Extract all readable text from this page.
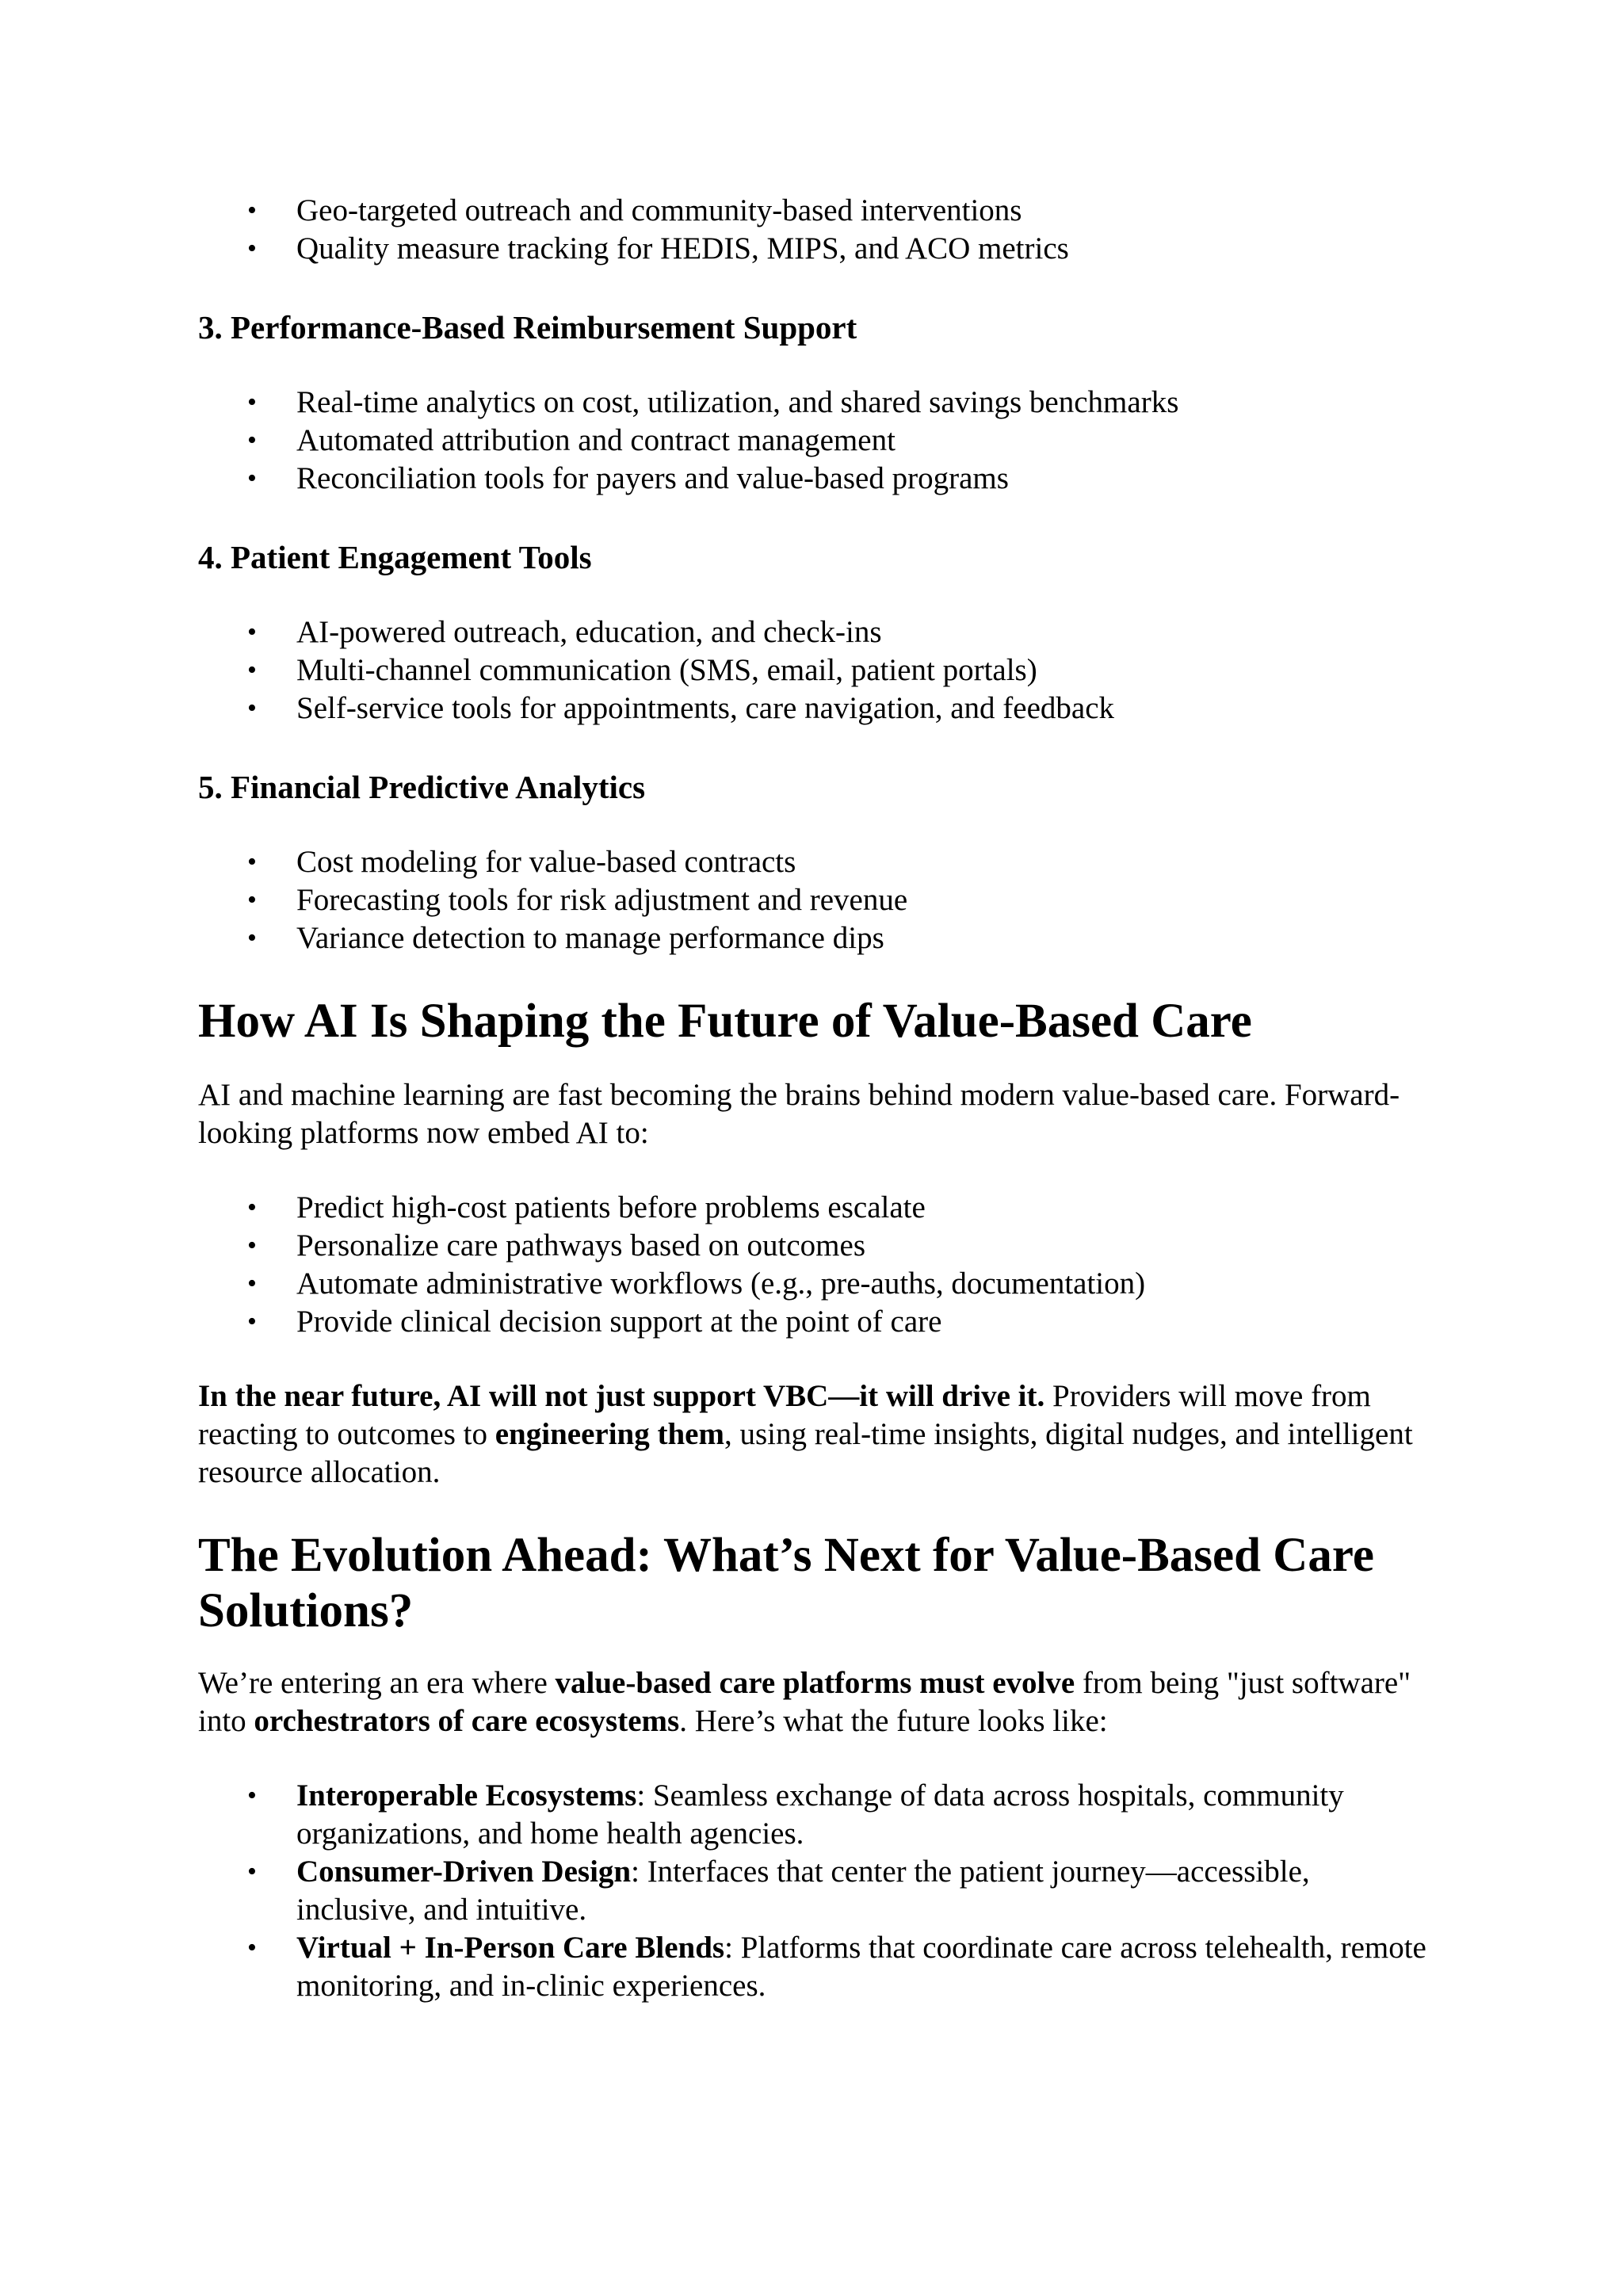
• Geo-targeted outreach and community-based interventions
• Quality measure tracking for HEDIS, MIPS, and ACO metrics
3. Performance-Based Reimbursement Support
• Real-time analytics on cost, utilization, and shared savings benchmarks
• Automated attribution and contract management
• Reconciliation tools for payers and value-based programs
4. Patient Engagement Tools
• AI-powered outreach, education, and check-ins
• Multi-channel communication (SMS, email, patient portals)
• Self-service tools for appointments, care navigation, and feedback
5. Financial Predictive Analytics
• Cost modeling for value-based contracts
• Forecasting tools for risk adjustment and revenue
• Variance detection to manage performance dips
How AI Is Shaping the Future of Value-Based Care

AI and machine learning are fast becoming the brains behind modern value-based care. Forward-looking platforms now embed AI to:

• Predict high-cost patients before problems escalate
• Personalize care pathways based on outcomes
• Automate administrative workflows (e.g., pre-auths, documentation)
• Provide clinical decision support at the point of care

In the near future, AI will not just support VBC—it will drive it. Providers will move from reacting to outcomes to engineering them, using real-time insights, digital nudges, and intelligent resource allocation.

The Evolution Ahead: What’s Next for Value-Based Care Solutions?

We’re entering an era where value-based care platforms must evolve from being "just software" into orchestrators of care ecosystems. Here’s what the future looks like:

• Interoperable Ecosystems: Seamless exchange of data across hospitals, community organizations, and home health agencies.
• Consumer-Driven Design: Interfaces that center the patient journey—accessible, inclusive, and intuitive.
• Virtual + In-Person Care Blends: Platforms that coordinate care across telehealth, remote monitoring, and in-clinic experiences.
